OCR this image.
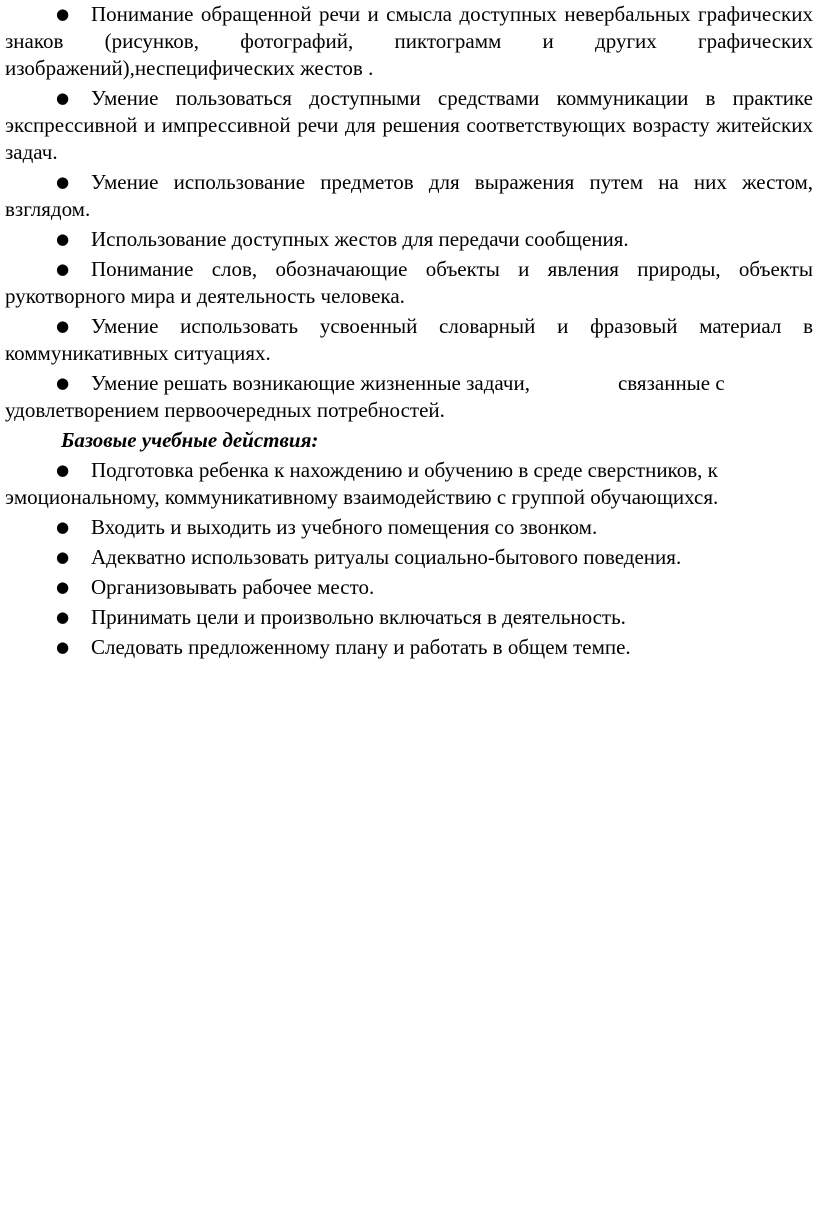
● Понимание обращенной речи и смысла доступных невербальных графических знаков (рисунков, фотографий, пиктограмм и других графических изображений),неспецифических жестов .
● Умение пользоваться доступными средствами коммуникации в практике экспрессивной и импрессивной речи для решения соответствующих возрасту житейских задач.
● Умение использование предметов для выражения путем на них жестом, взглядом.
● Использование доступных жестов для передачи сообщения.
● Понимание слов, обозначающие объекты и явления природы, объекты рукотворного мира и деятельность человека.
● Умение использовать усвоенный словарный и фразовый материал в коммуникативных ситуациях.
● Умение решать возникающие жизненные задачи,	связанные с удовлетворением первоочередных потребностей.
Базовые учебные действия:
● Подготовка ребенка к нахождению и обучению в среде сверстников, к эмоциональному, коммуникативному взаимодействию с группой обучающихся.
● Входить и выходить из учебного помещения со звонком.
● Адекватно использовать ритуалы социально-бытового поведения.
● Организовывать рабочее место.
● Принимать цели и произвольно включаться в деятельность.
● Следовать предложенному плану и работать в общем темпе.
